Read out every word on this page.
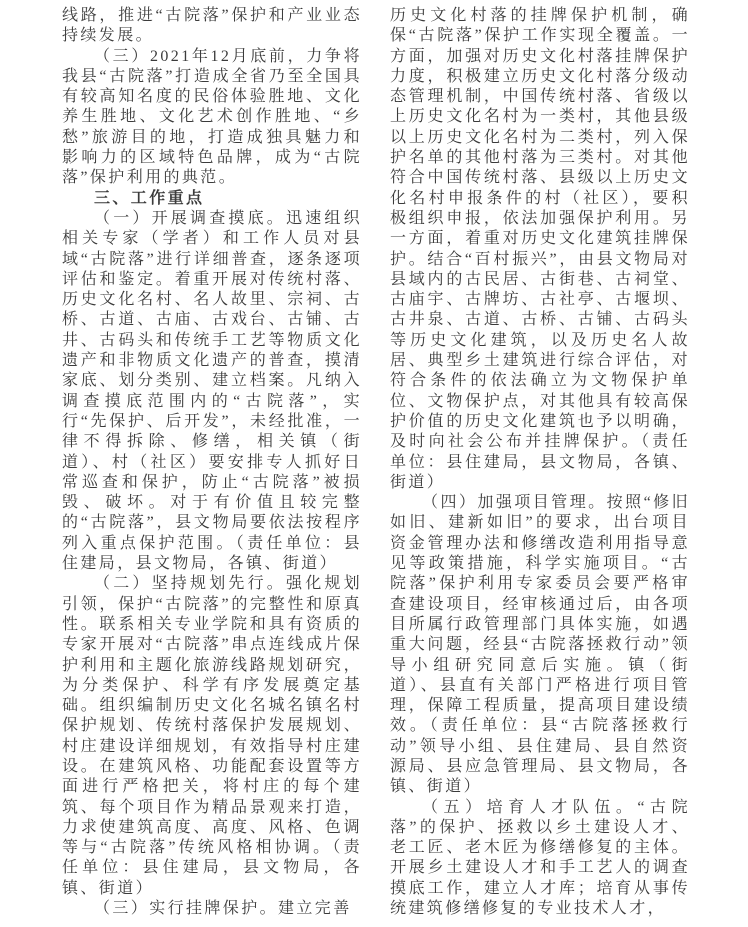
线路，推进“古院落”保护和产业业态持续发展。

（三）2021年12月底前，力争将我县“古院落”打造成全省乃至全国具有较高知名度的民俗体验胜地、文化养生胜地、文化艺术创作胜地、“乡愁”旅游目的地，打造成独具魅力和影响力的区域特色品牌，成为“古院落”保护利用的典范。

三、工作重点

（一）开展调查摸底。迅速组织相关专家（学者）和工作人员对县域“古院落”进行详细普查，逐条逐项评估和鉴定。着重开展对传统村落、历史文化名村、名人故里、宗祠、古桥、古道、古庙、古戏台、古铺、古井、古码头和传统手工艺等物质文化遗产和非物质文化遗产的普查，摸清家底、划分类别、建立档案。凡纳入调查摸底范围内的“古院落”，实行“先保护、后开发”，未经批准，一律不得拆除、修缮，相关镇（街道）、村（社区）要安排专人抓好日常巡查和保护，防止“古院落”被损毁、破坏。对于有价值且较完整的“古院落”，县文物局要依法按程序列入重点保护范围。（责任单位：县住建局，县文物局，各镇、街道）

（二）坚持规划先行。强化规划引领，保护“古院落”的完整性和原真性。联系相关专业学院和具有资质的专家开展对“古院落”串点连线成片保护利用和主题化旅游线路规划研究，为分类保护、科学有序发展奠定基础。组织编制历史文化名城名镇名村保护规划、传统村落保护发展规划、村庄建设详细规划，有效指导村庄建设。在建筑风格、功能配套设置等方面进行严格把关，将村庄的每个建筑、每个项目作为精品景观来打造，力求使建筑高度、高度、风格、色调等与“古院落”传统风格相协调。（责任单位：县住建局，县文物局，各镇、街道）

（三）实行挂牌保护。建立完善

历史文化村落的挂牌保护机制，确保“古院落”保护工作实现全覆盖。一方面，加强对历史文化村落挂牌保护力度，积极建立历史文化村落分级动态管理机制，中国传统村落、省级以上历史文化名村为一类村，其他县级以上历史文化名村为二类村，列入保护名单的其他村落为三类村。对其他符合中国传统村落、县级以上历史文化名村申报条件的村（社区），要积极组织申报，依法加强保护利用。另一方面，着重对历史文化建筑挂牌保护。结合“百村振兴”，由县文物局对县域内的古民居、古街巷、古祠堂、古庙宇、古牌坊、古社亭、古堰坝、古井泉、古道、古桥、古铺、古码头等历史文化建筑，以及历史名人故居、典型乡土建筑进行综合评估，对符合条件的依法确立为文物保护单位、文物保护点，对其他具有较高保护价值的历史文化建筑也予以明确，及时向社会公布并挂牌保护。（责任单位：县住建局，县文物局，各镇、街道）

（四）加强项目管理。按照“修旧如旧、建新如旧”的要求，出台项目资金管理办法和修缮改造利用指导意见等政策措施，科学实施项目。“古院落”保护利用专家委员会要严格审查建设项目，经审核通过后，由各项目所属行政管理部门具体实施，如遇重大问题，经县“古院落拯救行动”领导小组研究同意后实施。镇（街道）、县直有关部门严格进行项目管理，保障工程质量，提高项目建设绩效。（责任单位：县“古院落拯救行动”领导小组、县住建局、县自然资源局、县应急管理局、县文物局，各镇、街道）

（五）培育人才队伍。“古院落”的保护、拯救以乡土建设人才、老工匠、老木匠为修缮修复的主体。开展乡土建设人才和手工艺人的调查摸底工作，建立人才库；培育从事传统建筑修缮修复的专业技术人才，
